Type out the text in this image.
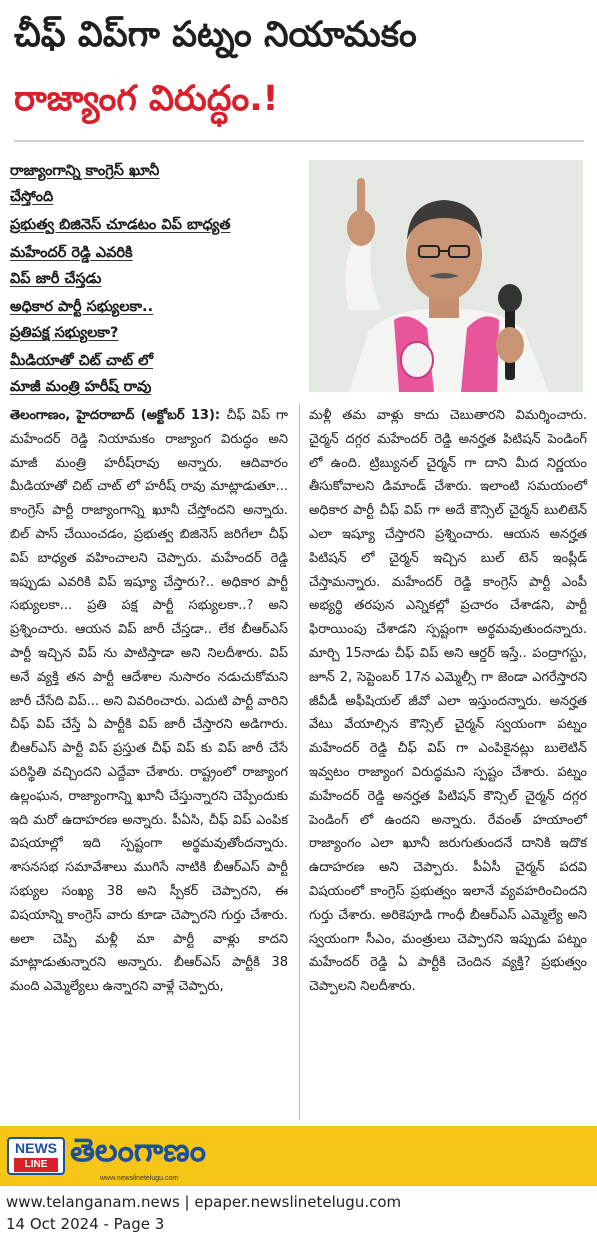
చీఫ్ విప్‌గా పట్నం నియామకం
రాజ్యాంగ విరుద్ధం.!
రాజ్యాంగాన్ని కాంగ్రెస్ ఖూనీ
చేస్తోంది
ప్రభుత్వ బిజినెస్ చూడటం విప్ బాధ్యత
మహేందర్ రెడ్డి ఎవరికి
విప్ జారీ చేస్తడు
అధికార పార్టీ సభ్యులకా..
ప్రతిపక్ష సభ్యులకా?
మీడియాతో చిట్ చాట్ లో
మాజీ మంత్రి హరీష్ రావు
తెలంగాణం, హైదరాబాద్ (అక్టోబర్ 13): చీఫ్ విప్ గా మహేందర్ రెడ్డి నియామకం రాజ్యాంగ విరుద్ధం అని మాజీ మంత్రి హరీష్‌రావు అన్నారు. ఆదివారం మీడియాతో చిట్ చాట్ లో హరీష్ రావు మాట్లాడుతూ... కాంగ్రెస్ పార్టీ రాజ్యాంగాన్ని ఖూనీ చేస్తోందని అన్నారు. బిల్ పాస్ చేయించడం, ప్రభుత్వ బిజినెస్ జరిగేలా చీఫ్ విప్ బాధ్యత వహించాలని చెప్పారు. మహేందర్ రెడ్డి ఇప్పుడు ఎవరికి విప్ ఇష్యూ చేస్తారు?.. అధికార పార్టీ సభ్యులకా... ప్రతి పక్ష పార్టీ సభ్యులకా..? అని ప్రశ్నించారు. ఆయన విప్ జారీ చేస్తడా.. లేక బీఆర్ఎస్ పార్టీ ఇచ్చిన విప్ ను పాటిస్తాడా అని నిలదీశారు. విప్ అనే వ్యక్తి తన పార్టీ ఆదేశాల నుసారం నడుచుకోమని జారీ చేసేది విప్... అని వివరించారు. ఎదుటి పార్టీ వారిని చీఫ్ విప్ చేస్తే ఏ పార్టీకి విప్ జారీ చేస్తారని అడిగారు. బీఆర్ఎస్ పార్టీ విప్ ప్రస్తుత చీఫ్ విప్ కు విప్ జారీ చేసే పరిస్థితి వచ్చిందని ఎద్దేవా చేశారు. రాష్ట్రంలో రాజ్యాంగ ఉల్లంఘన, రాజ్యాంగాన్ని ఖూనీ చేస్తున్నారని చెప్పేందుకు ఇది మరో ఉదాహరణ అన్నారు. పీఏసి, చీఫ్ విప్ ఎంపిక విషయాల్లో ఇది స్పష్టంగా అర్థమవుతోందన్నారు. శాసనసభ సమావేశాలు ముగిసే నాటికి బీఆర్ఎస్ పార్టీ సభ్యుల సంఖ్య 38 అని స్పీకర్ చెప్పారని, ఈ విషయాన్ని కాంగ్రెస్ వారు కూడా చెప్పారని గుర్తు చేశారు. అలా చెప్పి మళ్లీ మా పార్టీ వాళ్లు కాదని మాట్లాడుతున్నారని అన్నారు. బీఆర్ఎస్ పార్టీకి 38 మంది ఎమ్మెల్యేలు ఉన్నారని వాళ్లే చెప్పారు,
మళ్లీ తమ వాళ్లు కాదు చెబుతారని విమర్శించారు. చైర్మన్ దగ్గర మహేందర్ రెడ్డి అనర్హత పిటిషన్ పెండింగ్ లో ఉంది. ట్రిబ్యునల్ చైర్మన్ గా దాని మీద నిర్ణయం తీసుకోవాలని డిమాండ్ చేశారు. ఇలాంటి సమయంలో అధికార పార్టీ చీఫ్ విప్ గా అదే కౌన్సిల్ చైర్మన్ బులిటెన్ ఎలా ఇష్యూ చేస్తారని ప్రశ్నించారు. ఆయన అనర్హత పిటిషన్ లో చైర్మన్ ఇచ్చిన బుల్ టెన్ ఇంప్లీడ్ చేస్తామన్నారు. మహేందర్ రెడ్డి కాంగ్రెస్ పార్టీ ఎంపీ అభ్యర్థి తరపున ఎన్నికల్లో ప్రచారం చేశాడని, పార్టీ ఫిరాయింపు చేశాడని స్పష్టంగా అర్థమవుతుందన్నారు. మార్చి 15నాడు చీఫ్ విప్ అని ఆర్డర్ ఇస్తే.. పంద్రాగస్టు, జూన్ 2, సెప్టెంబర్ 17న ఎమ్మెల్సీ గా జెండా ఎగరేస్తారని జీవీడీ అఫీషియల్ జీవో ఎలా ఇస్తుందన్నారు. అనర్హత వేటు వేయాల్సిన కౌన్సిల్ చైర్మన్ స్వయంగా పట్నం మహేందర్ రెడ్డి చీఫ్ విప్ గా ఎంపికైనట్లు బులెటిన్ ఇవ్వటం రాజ్యాంగ విరుద్ధమని స్పష్టం చేశారు. పట్నం మహేందర్ రెడ్డి అనర్హత పిటిషన్ కౌన్సిల్ చైర్మన్ దగ్గర పెండింగ్ లో ఉందని అన్నారు. రేవంత్ హయాంలో రాజ్యాంగం ఎలా ఖూనీ జరుగుతుందనే దానికి ఇదొక ఉదాహరణ అని చెప్పారు. పీఏసీ చైర్మన్ పదవి విషయంలో కాంగ్రెస్ ప్రభుత్వం ఇలానే వ్యవహరించిందని గుర్తు చేశారు. అరికెపూడి గాంధీ బీఆర్ఎస్ ఎమ్మెల్యే అని స్వయంగా సీఎం, మంత్రులు చెప్పారని ఇప్పుడు పట్నం మహేందర్ రెడ్డి ఏ పార్టీకి చెందిన వ్యక్తి? ప్రభుత్వం చెప్పాలని నిలదీశారు.
NEWS
LINE తెలంగాణం
www.newslinetelugu.com
www.telanganam.news | epaper.newslinetelugu.com
14 Oct 2024 - Page 3
